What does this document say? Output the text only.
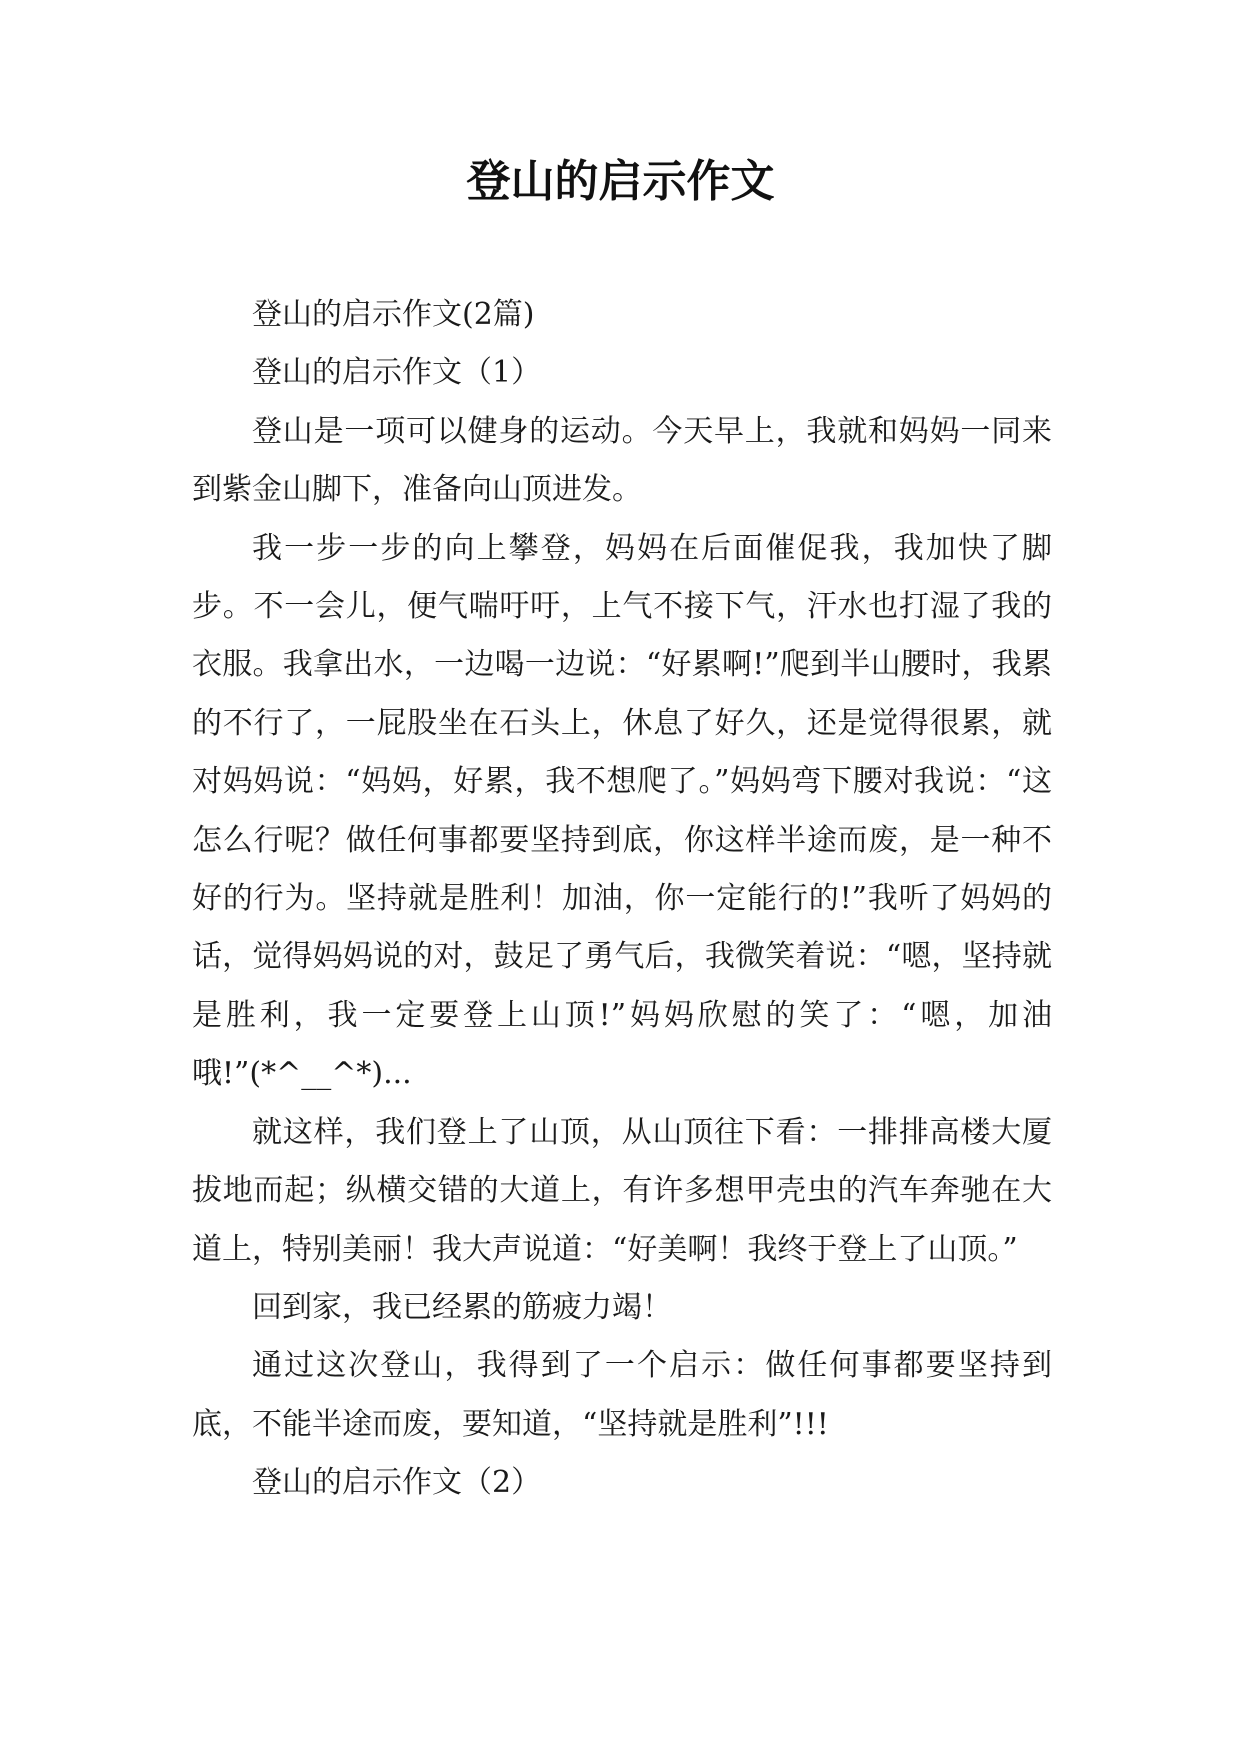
登山的启示作文

登山的启示作文(2篇)

登山的启示作文（1）

登山是一项可以健身的运动。今天早上，我就和妈妈一同来到紫金山脚下，准备向山顶进发。

我一步一步的向上攀登，妈妈在后面催促我，我加快了脚步。不一会儿，便气喘吁吁，上气不接下气，汗水也打湿了我的衣服。我拿出水，一边喝一边说：“好累啊!”爬到半山腰时，我累的不行了，一屁股坐在石头上，休息了好久，还是觉得很累，就对妈妈说：“妈妈，好累，我不想爬了。”妈妈弯下腰对我说：“这怎么行呢？做任何事都要坚持到底，你这样半途而废，是一种不好的行为。坚持就是胜利！加油，你一定能行的!”我听了妈妈的话，觉得妈妈说的对，鼓足了勇气后，我微笑着说：“嗯，坚持就是胜利，我一定要登上山顶!”妈妈欣慰的笑了：“嗯，加油哦!”(*^__^*)...

就这样，我们登上了山顶，从山顶往下看：一排排高楼大厦拔地而起；纵横交错的大道上，有许多想甲壳虫的汽车奔驰在大道上，特别美丽！我大声说道：“好美啊！我终于登上了山顶。”

回到家，我已经累的筋疲力竭！

通过这次登山，我得到了一个启示：做任何事都要坚持到底，不能半途而废，要知道，“坚持就是胜利”!!!

登山的启示作文（2）
